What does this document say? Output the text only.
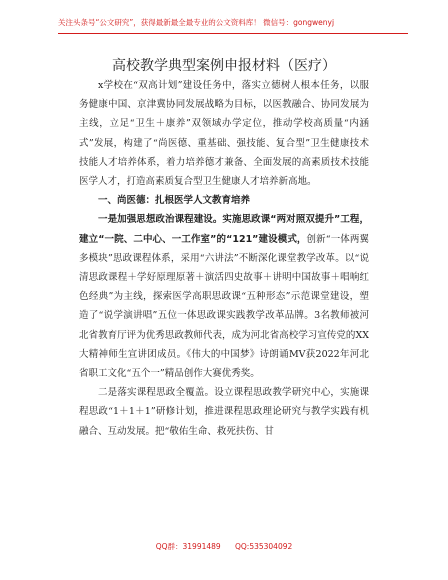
关注头条号“公文研究”，获得最新最全最专业的公文资料库！ 微信号：gongwenyj
高校教学典型案例申报材料（医疗）

x学校在“双高计划”建设任务中，落实立德树人根本任务，以服务健康中国、京津冀协同发展战略为目标，以医教融合、协同发展为主线，立足“卫生＋康养”双领域办学定位，推动学校高质量“内涵式”发展，构建了“尚医德、重基础、强技能、复合型”卫生健康技术技能人才培养体系，着力培养德才兼备、全面发展的高素质技术技能医学人才，打造高素质复合型卫生健康人才培养新高地。

一、尚医德：扎根医学人文教育培养

一是加强思想政治课程建设。实施思政课“两对照双提升”工程，建立“一院、二中心、一工作室”的“121”建设模式，创新“一体两翼多模块”思政课程体系，采用“六讲法”不断深化课堂教学改革。以“说清思政课程＋学好原理原著＋演活四史故事＋讲明中国故事＋唱响红色经典”为主线，探索医学高职思政课“五种形态”示范课堂建设，塑造了“说学演讲唱”五位一体思政课实践教学改革品牌。3名教师被河北省教育厅评为优秀思政教师代表，成为河北省高校学习宣传党的XX大精神师生宣讲团成员。《伟大的中国梦》诗朗诵MV获2022年河北省职工文化“五个一”精品创作大赛优秀奖。

二是落实课程思政全覆盖。设立课程思政教学研究中心，实施课程思政“1＋1＋1”研修计划，推进课程思政理论研究与教学实践有机融合、互动发展。把“敬佑生命、救死扶伤、甘

QQ群：31991489      QQ:535304092
